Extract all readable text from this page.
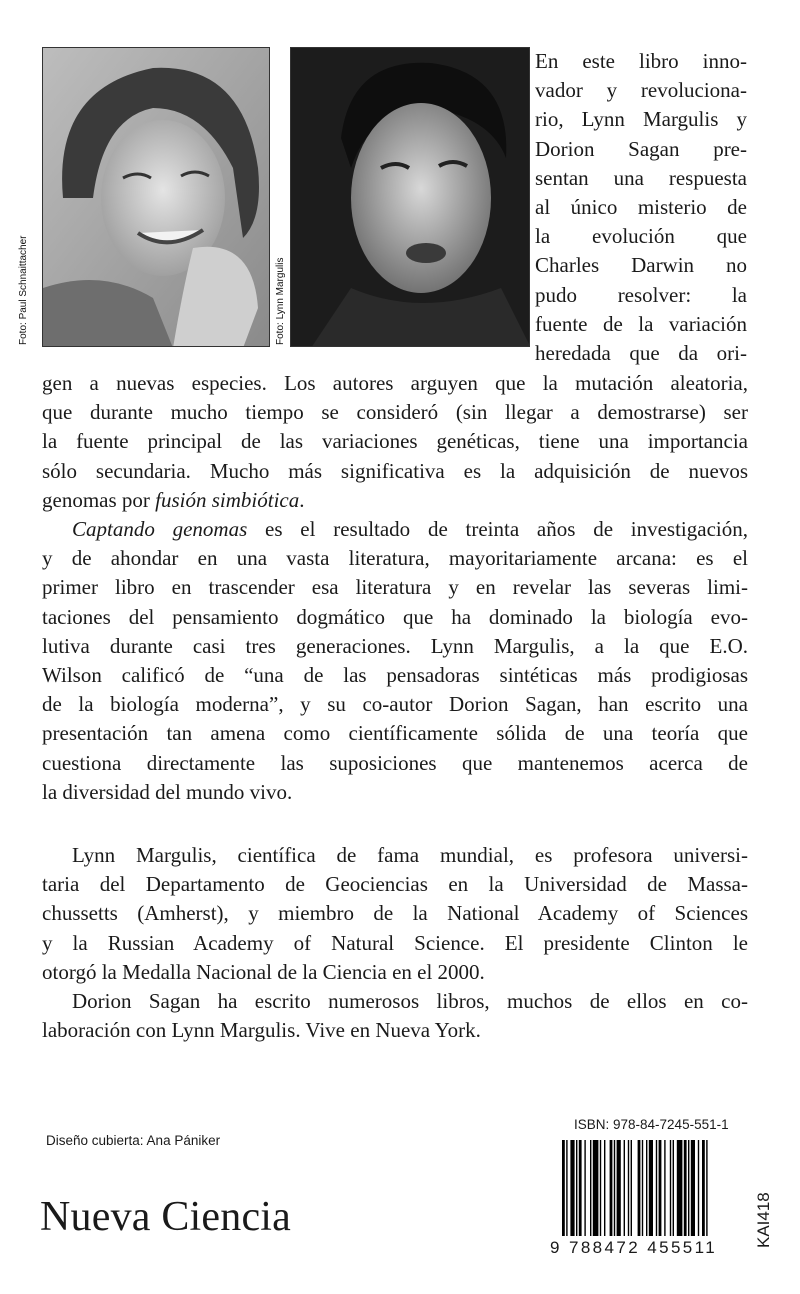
Foto: Paul Schnaittacher	Foto: Lynn Margulis

En este libro inno-

vador y revoluciona-

rio, Lynn Margulis y

Dorion Sagan pre-

sentan una respuesta

al único misterio de

la evolución que

Charles Darwin no

pudo resolver: la

fuente de la variación

heredada que da ori-

gen a nuevas especies. Los autores arguyen que la mutación aleatoria,

que durante mucho tiempo se consideró (sin llegar a demostrarse) ser

la fuente principal de las variaciones genéticas, tiene una importancia

sólo secundaria. Mucho más significativa es la adquisición de nuevos

genomas por fusión simbiótica.

Captando genomas es el resultado de treinta años de investigación,

y de ahondar en una vasta literatura, mayoritariamente arcana: es el

primer libro en trascender esa literatura y en revelar las severas limi-

taciones del pensamiento dogmático que ha dominado la biología evo-

lutiva durante casi tres generaciones. Lynn Margulis, a la que E.O.

Wilson calificó de “una de las pensadoras sintéticas más prodigiosas

de la biología moderna”, y su co-autor Dorion Sagan, han escrito una

presentación tan amena como científicamente sólida de una teoría que

cuestiona directamente las suposiciones que mantenemos acerca de

la diversidad del mundo vivo.

Lynn Margulis, científica de fama mundial, es profesora universi-

taria del Departamento de Geociencias en la Universidad de Massa-

chussetts (Amherst), y miembro de la National Academy of Sciences

y la Russian Academy of Natural Science. El presidente Clinton le

otorgó la Medalla Nacional de la Ciencia en el 2000.

Dorion Sagan ha escrito numerosos libros, muchos de ellos en co-

laboración con Lynn Margulis. Vive en Nueva York.

Diseño cubierta: Ana Pániker
Nueva Ciencia
ISBN: 978-84-7245-551-1
9 788472 455511	KAI418
